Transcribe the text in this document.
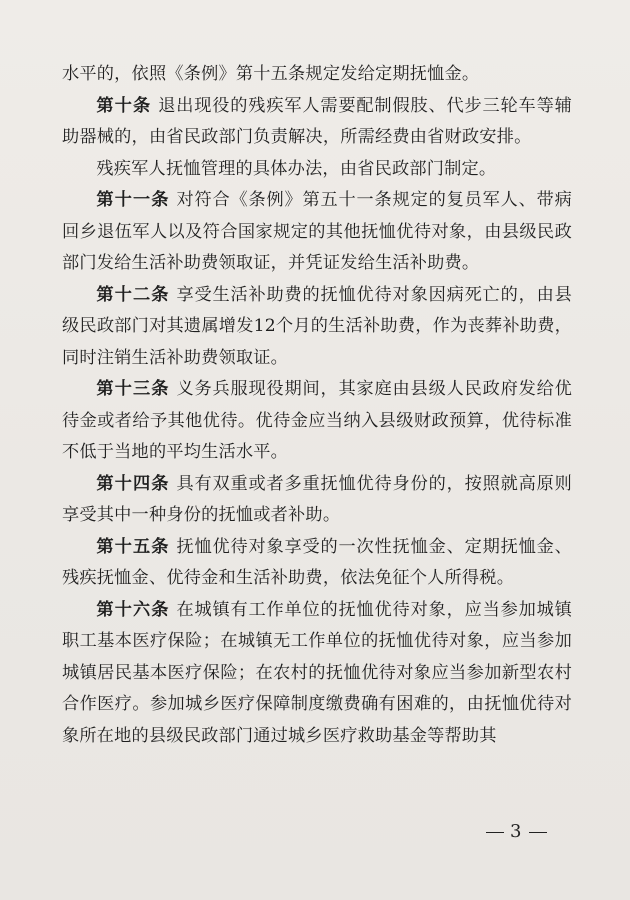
水平的，依照《条例》第十五条规定发给定期抚恤金。

第十条 退出现役的残疾军人需要配制假肢、代步三轮车等辅助器械的，由省民政部门负责解决，所需经费由省财政安排。

残疾军人抚恤管理的具体办法，由省民政部门制定。

第十一条 对符合《条例》第五十一条规定的复员军人、带病回乡退伍军人以及符合国家规定的其他抚恤优待对象，由县级民政部门发给生活补助费领取证，并凭证发给生活补助费。

第十二条 享受生活补助费的抚恤优待对象因病死亡的，由县级民政部门对其遗属增发12个月的生活补助费，作为丧葬补助费，同时注销生活补助费领取证。

第十三条 义务兵服现役期间，其家庭由县级人民政府发给优待金或者给予其他优待。优待金应当纳入县级财政预算，优待标准不低于当地的平均生活水平。

第十四条 具有双重或者多重抚恤优待身份的，按照就高原则享受其中一种身份的抚恤或者补助。

第十五条 抚恤优待对象享受的一次性抚恤金、定期抚恤金、残疾抚恤金、优待金和生活补助费，依法免征个人所得税。

第十六条 在城镇有工作单位的抚恤优待对象，应当参加城镇职工基本医疗保险；在城镇无工作单位的抚恤优待对象，应当参加城镇居民基本医疗保险；在农村的抚恤优待对象应当参加新型农村合作医疗。参加城乡医疗保障制度缴费确有困难的，由抚恤优待对象所在地的县级民政部门通过城乡医疗救助基金等帮助其

3
